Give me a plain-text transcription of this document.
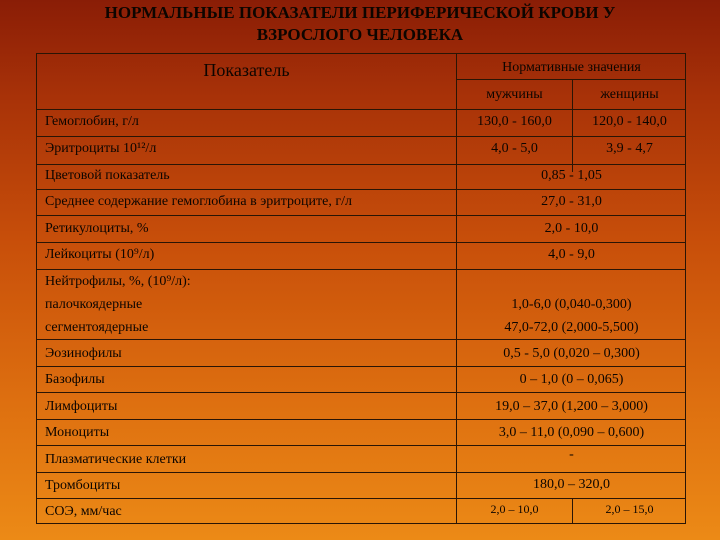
НОРМАЛЬНЫЕ ПОКАЗАТЕЛИ ПЕРИФЕРИЧЕСКОЙ КРОВИ У
ВЗРОСЛОГО ЧЕЛОВЕКА
Показатель	Нормативные значения
мужчины	женщины
Гемоглобин, г/л	130,0 - 160,0	120,0 - 140,0
Эритроциты 10¹²/л	4,0 - 5,0	3,9 - 4,7
Цветовой показатель	0,85 - 1,05
Среднее содержание гемоглобина в эритроците, г/л	27,0 - 31,0
Ретикулоциты, %	2,0 - 10,0
Лейкоциты (10⁹/л)	4,0 - 9,0
Нейтрофилы, %, (10⁹/л):
палочкоядерные	1,0-6,0 (0,040-0,300)
сегментоядерные	47,0-72,0 (2,000-5,500)
Эозинофилы	0,5 - 5,0 (0,020 – 0,300)
Базофилы	0 – 1,0 (0 – 0,065)
Лимфоциты	19,0 – 37,0 (1,200 – 3,000)
Моноциты	3,0 – 11,0 (0,090 – 0,600)
Плазматические клетки	-
Тромбоциты	180,0 – 320,0
СОЭ, мм/час	2,0 – 10,0	2,0 – 15,0
